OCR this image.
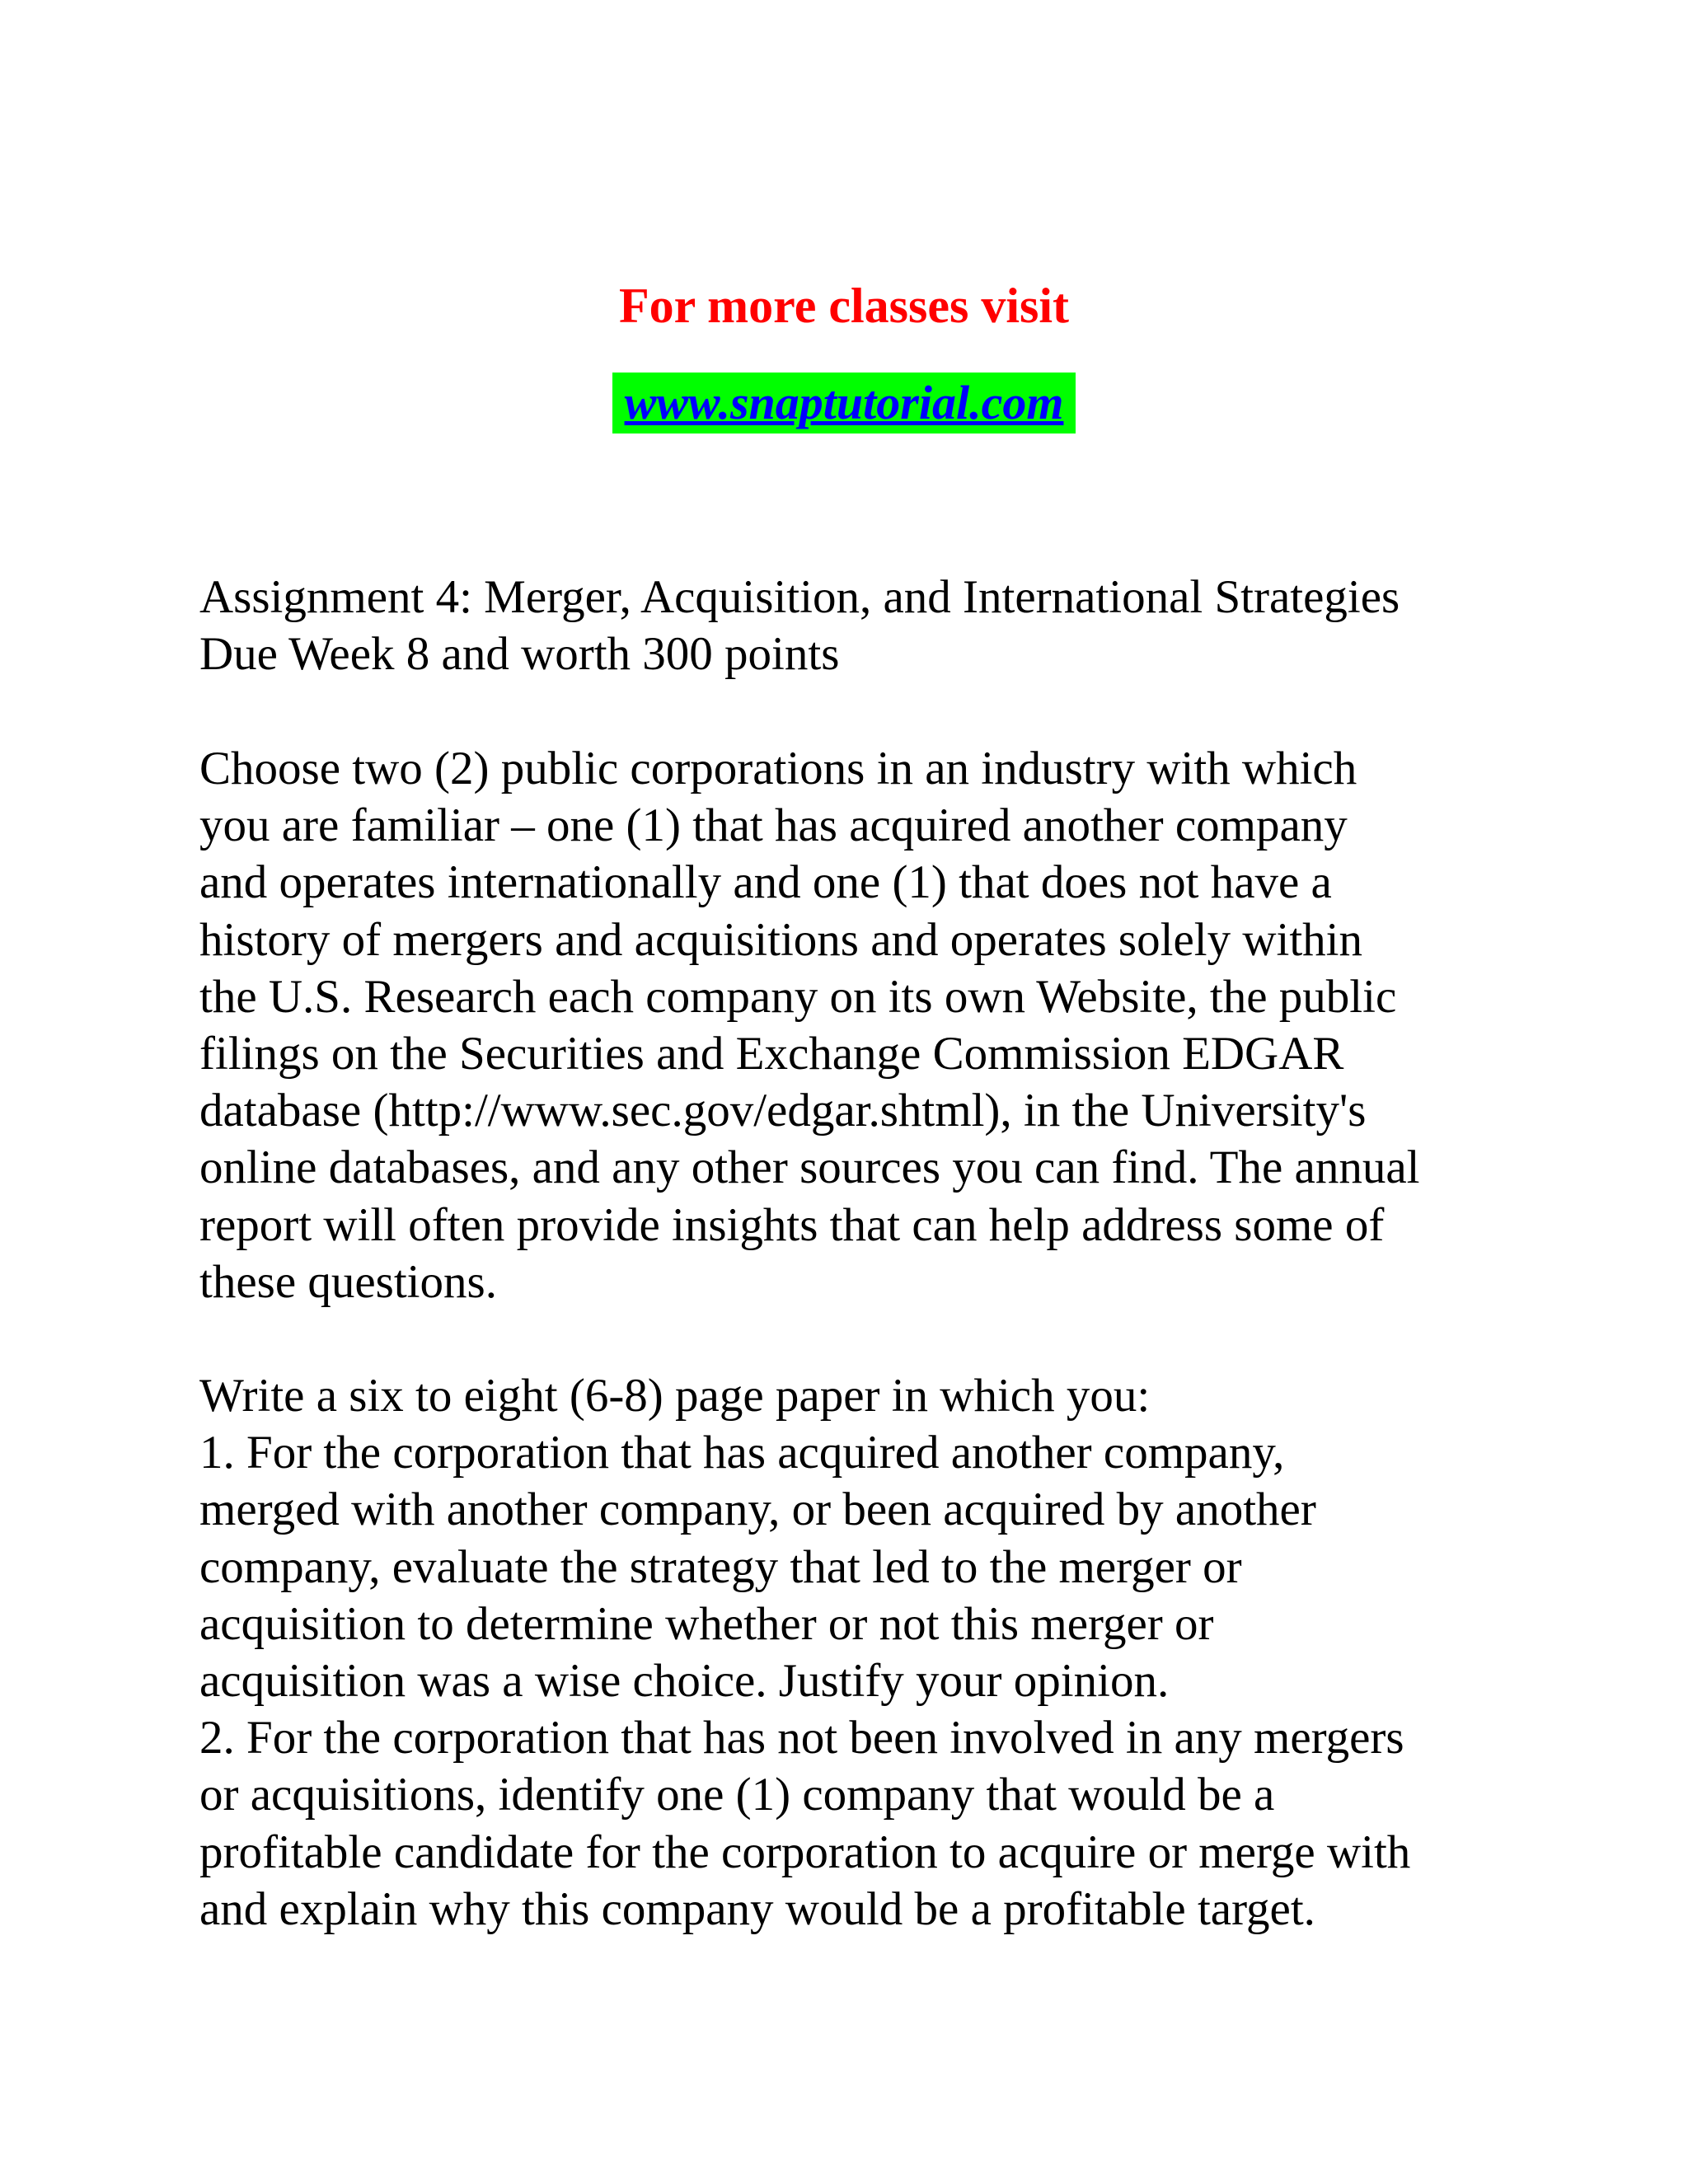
For more classes visit
www.snaptutorial.com
Assignment 4: Merger, Acquisition, and International Strategies
Due Week 8 and worth 300 points
Choose two (2) public corporations in an industry with which
you are familiar – one (1) that has acquired another company
and operates internationally and one (1) that does not have a
history of mergers and acquisitions and operates solely within
the U.S. Research each company on its own Website, the public
filings on the Securities and Exchange Commission EDGAR
database (http://www.sec.gov/edgar.shtml), in the University's
online databases, and any other sources you can find. The annual
report will often provide insights that can help address some of
these questions.
Write a six to eight (6-8) page paper in which you:
1. For the corporation that has acquired another company,
merged with another company, or been acquired by another
company, evaluate the strategy that led to the merger or
acquisition to determine whether or not this merger or
acquisition was a wise choice. Justify your opinion.
2. For the corporation that has not been involved in any mergers
or acquisitions, identify one (1) company that would be a
profitable candidate for the corporation to acquire or merge with
and explain why this company would be a profitable target.
